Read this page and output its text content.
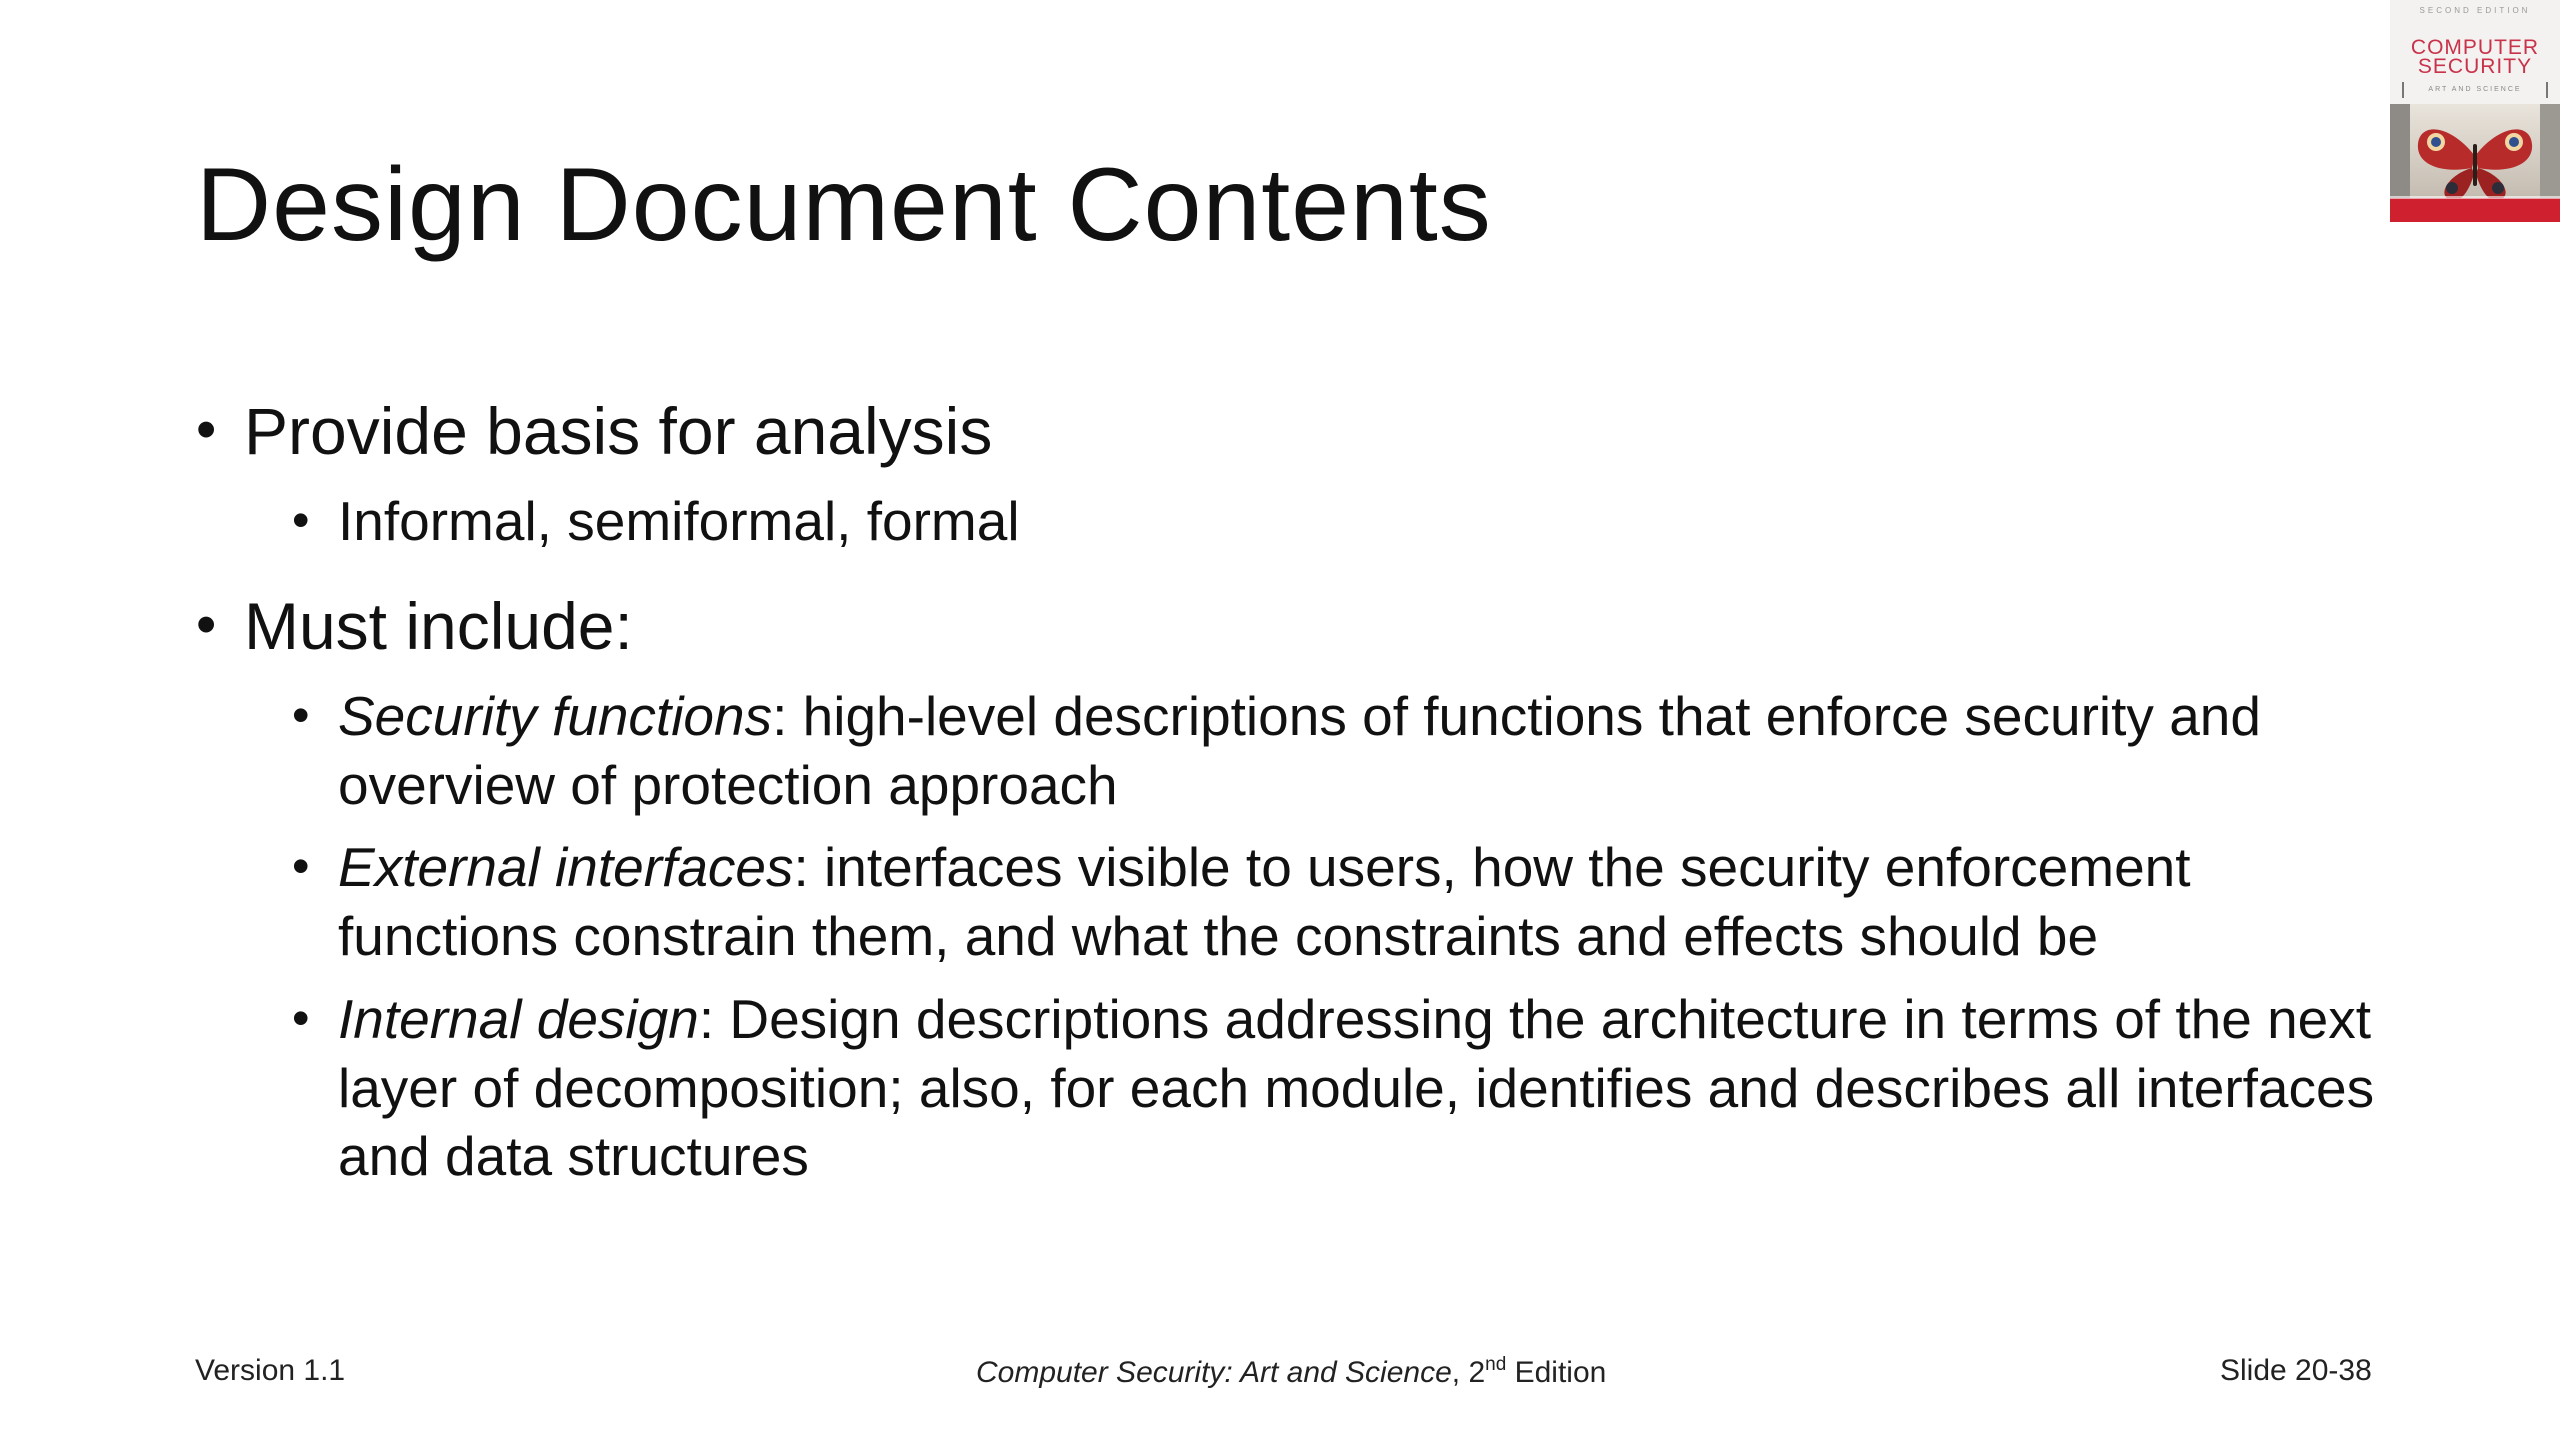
Design Document Contents
• Provide basis for analysis
• Informal, semiformal, formal
• Must include:
• Security functions: high-level descriptions of functions that enforce security and overview of protection approach
• External interfaces: interfaces visible to users, how the security enforcement functions constrain them, and what the constraints and effects should be
• Internal design: Design descriptions addressing the architecture in terms of the next layer of decomposition; also, for each module, identifies and describes all interfaces and data structures
Version 1.1	Computer Security: Art and Science, 2nd Edition	Slide 20-38
SECOND EDITION
COMPUTER
SECURITY
ART AND SCIENCE
